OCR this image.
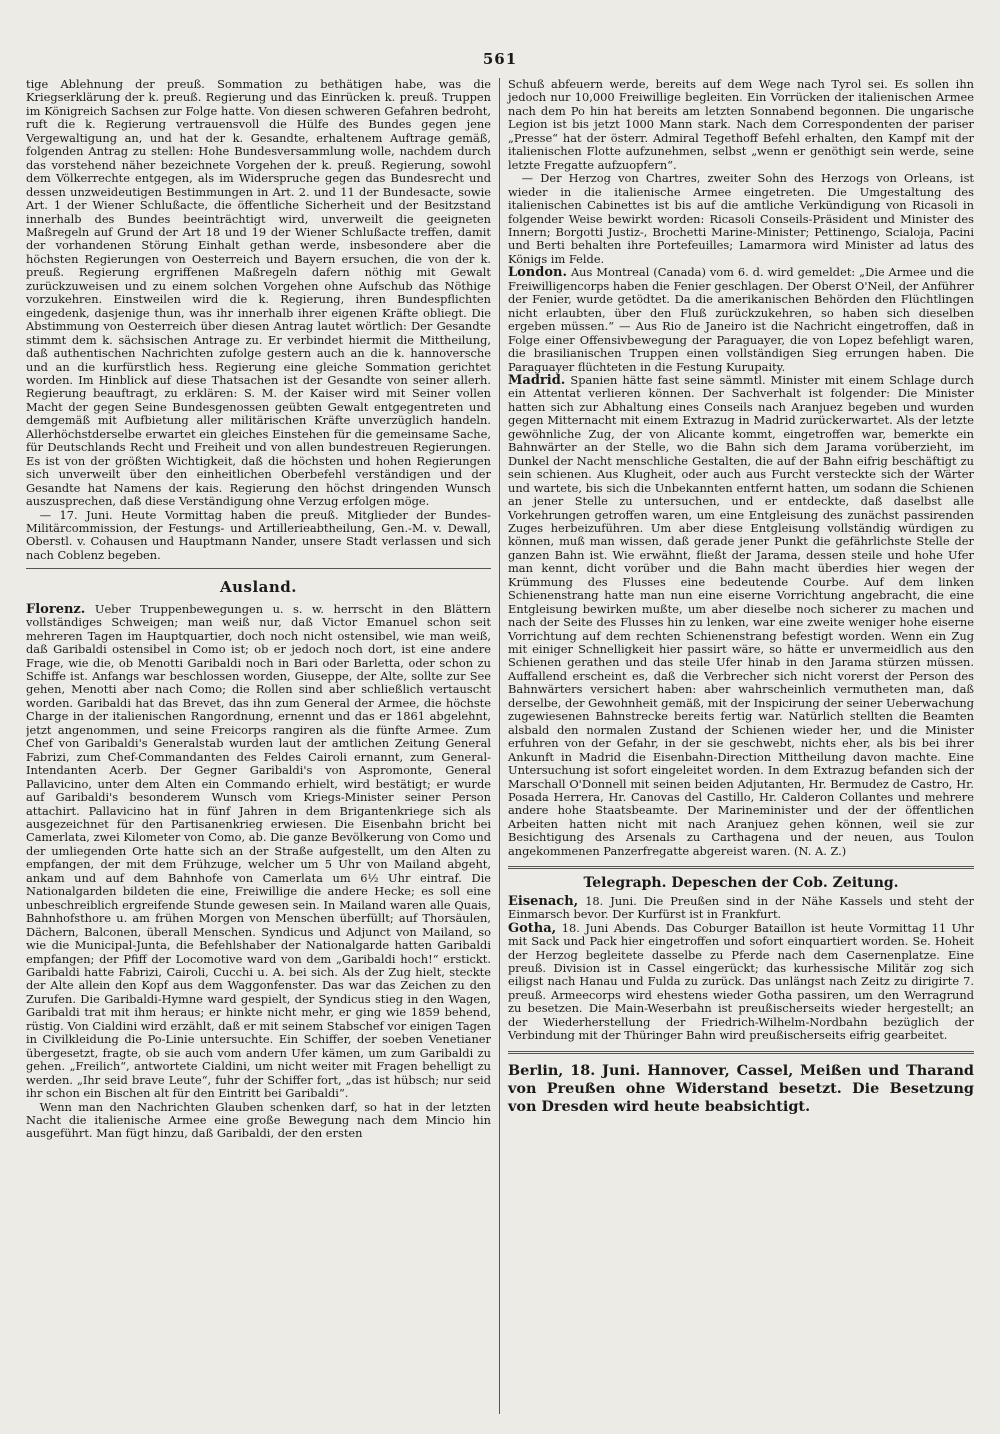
561

tige Ablehnung der preuß. Sommation zu bethätigen habe, was die Kriegserklärung der k. preuß. Regierung und das Einrücken k. preuß. Truppen im Königreich Sachsen zur Folge hatte. Von diesen schweren Gefahren bedroht, ruft die k. Regierung vertrauensvoll die Hülfe des Bundes gegen jene Vergewaltigung an, und hat der k. Gesandte, erhaltenem Auftrage gemäß, folgenden Antrag zu stellen: Hohe Bundesversammlung wolle, nachdem durch das vorstehend näher bezeichnete Vorgehen der k. preuß. Regierung, sowohl dem Völkerrechte entgegen, als im Widerspruche gegen das Bundesrecht und dessen unzweideutigen Bestimmungen in Art. 2. und 11 der Bundesacte, sowie Art. 1 der Wiener Schlußacte, die öffentliche Sicherheit und der Besitzstand innerhalb des Bundes beeinträchtigt wird, unverweilt die geeigneten Maßregeln auf Grund der Art 18 und 19 der Wiener Schlußacte treffen, damit der vorhandenen Störung Einhalt gethan werde, insbesondere aber die höchsten Regierungen von Oesterreich und Bayern ersuchen, die von der k. preuß. Regierung ergriffenen Maßregeln dafern nöthig mit Gewalt zurückzuweisen und zu einem solchen Vorgehen ohne Aufschub das Nöthige vorzukehren. Einstweilen wird die k. Regierung, ihren Bundespflichten eingedenk, dasjenige thun, was ihr innerhalb ihrer eigenen Kräfte obliegt. Die Abstimmung von Oesterreich über diesen Antrag lautet wörtlich: Der Gesandte stimmt dem k. sächsischen Antrage zu. Er verbindet hiermit die Mittheilung, daß authentischen Nachrichten zufolge gestern auch an die k. hannoversche und an die kurfürstlich hess. Regierung eine gleiche Sommation gerichtet worden. Im Hinblick auf diese Thatsachen ist der Gesandte von seiner allerh. Regierung beauftragt, zu erklären: S. M. der Kaiser wird mit Seiner vollen Macht der gegen Seine Bundesgenossen geübten Gewalt entgegentreten und demgemäß mit Aufbietung aller militärischen Kräfte unverzüglich handeln. Allerhöchstderselbe erwartet ein gleiches Einstehen für die gemeinsame Sache, für Deutschlands Recht und Freiheit und von allen bundestreuen Regierungen. Es ist von der größten Wichtigkeit, daß die höchsten und hohen Regierungen sich unverweilt über den einheitlichen Oberbefehl verständigen und der Gesandte hat Namens der kais. Regierung den höchst dringenden Wunsch auszusprechen, daß diese Verständigung ohne Verzug erfolgen möge.

— 17. Juni. Heute Vormittag haben die preuß. Mitglieder der Bundes-Militärcommission, der Festungs- und Artillerieabtheilung, Gen.-M. v. Dewall, Oberstl. v. Cohausen und Hauptmann Nander, unsere Stadt verlassen und sich nach Coblenz begeben.

Ausland.

Florenz. Ueber Truppenbewegungen u. s. w. herrscht in den Blättern vollständiges Schweigen; man weiß nur, daß Victor Emanuel schon seit mehreren Tagen im Hauptquartier, doch noch nicht ostensibel, wie man weiß, daß Garibaldi ostensibel in Como ist; ob er jedoch noch dort, ist eine andere Frage, wie die, ob Menotti Garibaldi noch in Bari oder Barletta, oder schon zu Schiffe ist. Anfangs war beschlossen worden, Giuseppe, der Alte, sollte zur See gehen, Menotti aber nach Como; die Rollen sind aber schließlich vertauscht worden. Garibaldi hat das Brevet, das ihn zum General der Armee, die höchste Charge in der italienischen Rangordnung, ernennt und das er 1861 abgelehnt, jetzt angenommen, und seine Freicorps rangiren als die fünfte Armee. Zum Chef von Garibaldi's Generalstab wurden laut der amtlichen Zeitung General Fabrizi, zum Chef-Commandanten des Feldes Cairoli ernannt, zum General-Intendanten Acerb. Der Gegner Garibaldi's von Aspromonte, General Pallavicino, unter dem Alten ein Commando erhielt, wird bestätigt; er wurde auf Garibaldi's besonderem Wunsch vom Kriegs-Minister seiner Person attachirt. Pallavicino hat in fünf Jahren in dem Brigantenkriege sich als ausgezeichnet für den Partisanenkrieg erwiesen. Die Eisenbahn bricht bei Camerlata, zwei Kilometer von Como, ab. Die ganze Bevölkerung von Como und der umliegenden Orte hatte sich an der Straße aufgestellt, um den Alten zu empfangen, der mit dem Frühzuge, welcher um 5 Uhr von Mailand abgeht, ankam und auf dem Bahnhofe von Camerlata um 6½ Uhr eintraf. Die Nationalgarden bildeten die eine, Freiwillige die andere Hecke; es soll eine unbeschreiblich ergreifende Stunde gewesen sein. In Mailand waren alle Quais, Bahnhofsthore u. am frühen Morgen von Menschen überfüllt; auf Thorsäulen, Dächern, Balconen, überall Menschen. Syndicus und Adjunct von Mailand, so wie die Municipal-Junta, die Befehlshaber der Nationalgarde hatten Garibaldi empfangen; der Pfiff der Locomotive ward von dem „Garibaldi hoch!“ erstickt. Garibaldi hatte Fabrizi, Cairoli, Cucchi u. A. bei sich. Als der Zug hielt, steckte der Alte allein den Kopf aus dem Waggonfenster. Das war das Zeichen zu den Zurufen. Die Garibaldi-Hymne ward gespielt, der Syndicus stieg in den Wagen, Garibaldi trat mit ihm heraus; er hinkte nicht mehr, er ging wie 1859 behend, rüstig. Von Cialdini wird erzählt, daß er mit seinem Stabschef vor einigen Tagen in Civilkleidung die Po-Linie untersuchte. Ein Schiffer, der soeben Venetianer übergesetzt, fragte, ob sie auch vom andern Ufer kämen, um zum Garibaldi zu gehen. „Freilich“, antwortete Cialdini, um nicht weiter mit Fragen behelligt zu werden. „Ihr seid brave Leute“, fuhr der Schiffer fort, „das ist hübsch; nur seid ihr schon ein Bischen alt für den Eintritt bei Garibaldi“.

Wenn man den Nachrichten Glauben schenken darf, so hat in der letzten Nacht die italienische Armee eine große Bewegung nach dem Mincio hin ausgeführt. Man fügt hinzu, daß Garibaldi, der den ersten

Schuß abfeuern werde, bereits auf dem Wege nach Tyrol sei. Es sollen ihn jedoch nur 10,000 Freiwillige begleiten. Ein Vorrücken der italienischen Armee nach dem Po hin hat bereits am letzten Sonnabend begonnen. Die ungarische Legion ist bis jetzt 1000 Mann stark. Nach dem Correspondenten der pariser „Presse“ hat der österr. Admiral Tegethoff Befehl erhalten, den Kampf mit der italienischen Flotte aufzunehmen, selbst „wenn er genöthigt sein werde, seine letzte Fregatte aufzuopfern“.

— Der Herzog von Chartres, zweiter Sohn des Herzogs von Orleans, ist wieder in die italienische Armee eingetreten. Die Umgestaltung des italienischen Cabinettes ist bis auf die amtliche Verkündigung von Ricasoli in folgender Weise bewirkt worden: Ricasoli Conseils-Präsident und Minister des Innern; Borgotti Justiz-, Brochetti Marine-Minister; Pettinengo, Scialoja, Pacini und Berti behalten ihre Portefeuilles; Lamarmora wird Minister ad latus des Königs im Felde.

London. Aus Montreal (Canada) vom 6. d. wird gemeldet: „Die Armee und die Freiwilligencorps haben die Fenier geschlagen. Der Oberst O'Neil, der Anführer der Fenier, wurde getödtet. Da die amerikanischen Behörden den Flüchtlingen nicht erlaubten, über den Fluß zurückzukehren, so haben sich dieselben ergeben müssen.“ — Aus Rio de Janeiro ist die Nachricht eingetroffen, daß in Folge einer Offensivbewegung der Paraguayer, die von Lopez befehligt waren, die brasilianischen Truppen einen vollständigen Sieg errungen haben. Die Paraguayer flüchteten in die Festung Kurupaity.

Madrid. Spanien hätte fast seine sämmtl. Minister mit einem Schlage durch ein Attentat verlieren können. Der Sachverhalt ist folgender: Die Minister hatten sich zur Abhaltung eines Conseils nach Aranjuez begeben und wurden gegen Mitternacht mit einem Extrazug in Madrid zurückerwartet. Als der letzte gewöhnliche Zug, der von Alicante kommt, eingetroffen war, bemerkte ein Bahnwärter an der Stelle, wo die Bahn sich dem Jarama vorüberzieht, im Dunkel der Nacht menschliche Gestalten, die auf der Bahn eifrig beschäftigt zu sein schienen. Aus Klugheit, oder auch aus Furcht versteckte sich der Wärter und wartete, bis sich die Unbekannten entfernt hatten, um sodann die Schienen an jener Stelle zu untersuchen, und er entdeckte, daß daselbst alle Vorkehrungen getroffen waren, um eine Entgleisung des zunächst passirenden Zuges herbeizuführen. Um aber diese Entgleisung vollständig würdigen zu können, muß man wissen, daß gerade jener Punkt die gefährlichste Stelle der ganzen Bahn ist. Wie erwähnt, fließt der Jarama, dessen steile und hohe Ufer man kennt, dicht vorüber und die Bahn macht überdies hier wegen der Krümmung des Flusses eine bedeutende Courbe. Auf dem linken Schienenstrang hatte man nun eine eiserne Vorrichtung angebracht, die eine Entgleisung bewirken mußte, um aber dieselbe noch sicherer zu machen und nach der Seite des Flusses hin zu lenken, war eine zweite weniger hohe eiserne Vorrichtung auf dem rechten Schienenstrang befestigt worden. Wenn ein Zug mit einiger Schnelligkeit hier passirt wäre, so hätte er unvermeidlich aus den Schienen gerathen und das steile Ufer hinab in den Jarama stürzen müssen. Auffallend erscheint es, daß die Verbrecher sich nicht vorerst der Person des Bahnwärters versichert haben: aber wahrscheinlich vermutheten man, daß derselbe, der Gewohnheit gemäß, mit der Inspicirung der seiner Ueberwachung zugewiesenen Bahnstrecke bereits fertig war. Natürlich stellten die Beamten alsbald den normalen Zustand der Schienen wieder her, und die Minister erfuhren von der Gefahr, in der sie geschwebt, nichts eher, als bis bei ihrer Ankunft in Madrid die Eisenbahn-Direction Mittheilung davon machte. Eine Untersuchung ist sofort eingeleitet worden. In dem Extrazug befanden sich der Marschall O'Donnell mit seinen beiden Adjutanten, Hr. Bermudez de Castro, Hr. Posada Herrera, Hr. Canovas del Castillo, Hr. Calderon Collantes und mehrere andere hohe Staatsbeamte. Der Marineminister und der der öffentlichen Arbeiten hatten nicht mit nach Aranjuez gehen können, weil sie zur Besichtigung des Arsenals zu Carthagena und der neuen, aus Toulon angekommenen Panzerfregatte abgereist waren. (N. A. Z.)

Telegraph. Depeschen der Cob. Zeitung.

Eisenach, 18. Juni. Die Preußen sind in der Nähe Kassels und steht der Einmarsch bevor. Der Kurfürst ist in Frankfurt.

Gotha, 18. Juni Abends. Das Coburger Bataillon ist heute Vormittag 11 Uhr mit Sack und Pack hier eingetroffen und sofort einquartiert worden. Se. Hoheit der Herzog begleitete dasselbe zu Pferde nach dem Casernenplatze. Eine preuß. Division ist in Cassel eingerückt; das kurhessische Militär zog sich eiligst nach Hanau und Fulda zu zurück. Das unlängst nach Zeitz zu dirigirte 7. preuß. Armeecorps wird ehestens wieder Gotha passiren, um den Werragrund zu besetzen. Die Main-Weserbahn ist preußischerseits wieder hergestellt; an der Wiederherstellung der Friedrich-Wilhelm-Nordbahn bezüglich der Verbindung mit der Thüringer Bahn wird preußischerseits eifrig gearbeitet.

Berlin, 18. Juni. Hannover, Cassel, Meißen und Tharand von Preußen ohne Widerstand besetzt. Die Besetzung von Dresden wird heute beabsichtigt.
